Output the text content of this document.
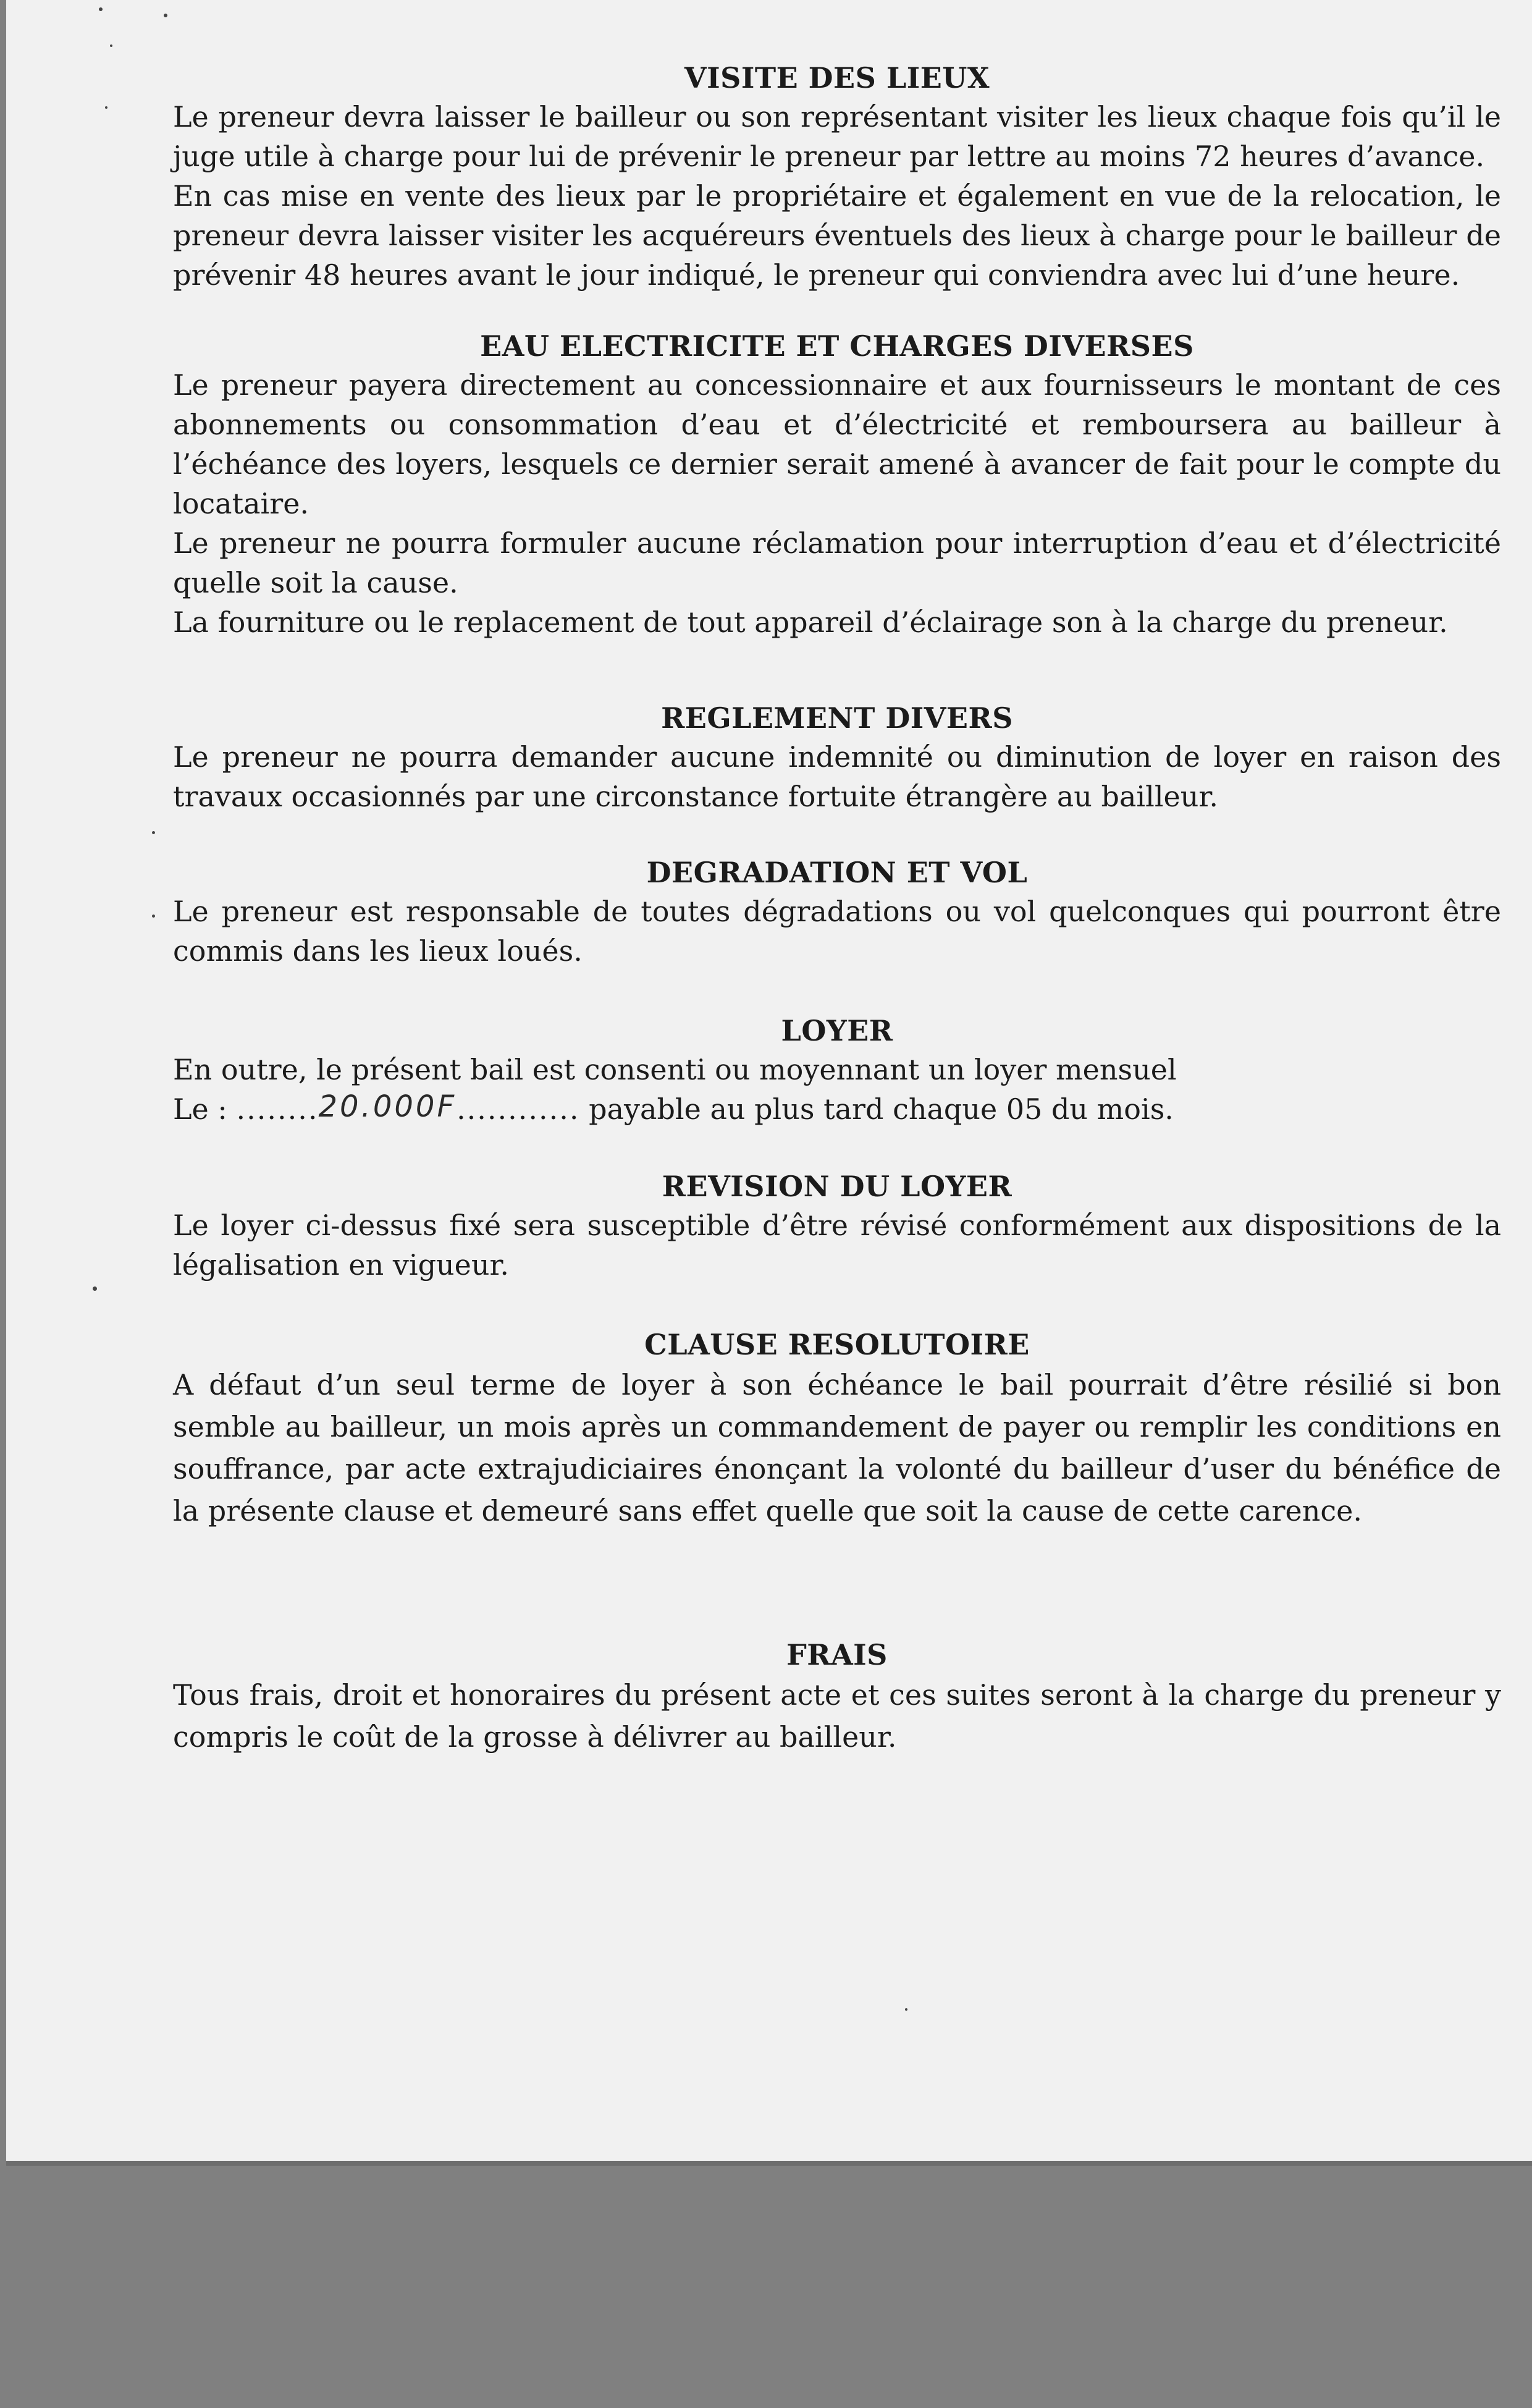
VISITE DES LIEUX

Le preneur devra laisser le bailleur ou son représentant visiter les lieux chaque fois qu’il le juge utile à charge pour lui de prévenir le preneur par lettre au moins 72 heures d’avance.

En cas mise en vente des lieux par le propriétaire et également en vue de la relocation, le preneur devra laisser visiter les acquéreurs éventuels des lieux à charge pour le bailleur de prévenir 48 heures avant le jour indiqué, le preneur qui conviendra avec lui d’une heure.

EAU ELECTRICITE ET CHARGES DIVERSES

Le preneur payera directement au concessionnaire et aux fournisseurs le montant de ces abonnements ou consommation d’eau et d’électricité et remboursera au bailleur à l’échéance des loyers, lesquels ce dernier serait amené à avancer de fait pour le compte du locataire.

Le preneur ne pourra formuler aucune réclamation pour interruption d’eau et d’électricité quelle soit la cause.

La fourniture ou le replacement de tout appareil d’éclairage son à la charge du preneur.

REGLEMENT DIVERS

Le preneur ne pourra demander aucune indemnité ou diminution de loyer en raison des travaux occasionnés par une circonstance fortuite étrangère au bailleur.

DEGRADATION ET VOL

Le preneur est responsable de toutes dégradations ou vol quelconques qui pourront être commis dans les lieux loués.

LOYER

En outre, le présent bail est consenti ou moyennant un loyer mensuel

Le : ........20.000F............ payable au plus tard chaque 05 du mois.

REVISION DU LOYER

Le loyer ci-dessus fixé sera susceptible d’être révisé conformément aux dispositions de la légalisation en vigueur.

CLAUSE RESOLUTOIRE

A défaut d’un seul terme de loyer à son échéance le bail pourrait d’être résilié si bon semble au bailleur, un mois après un commandement de payer ou remplir les conditions en souffrance, par acte extrajudiciaires énonçant la volonté du bailleur d’user du bénéfice de la présente clause et demeuré sans effet quelle que soit la cause de cette carence.

FRAIS

Tous frais, droit et honoraires du présent acte et ces suites seront à la charge du preneur y compris le coût de la grosse à délivrer au bailleur.
